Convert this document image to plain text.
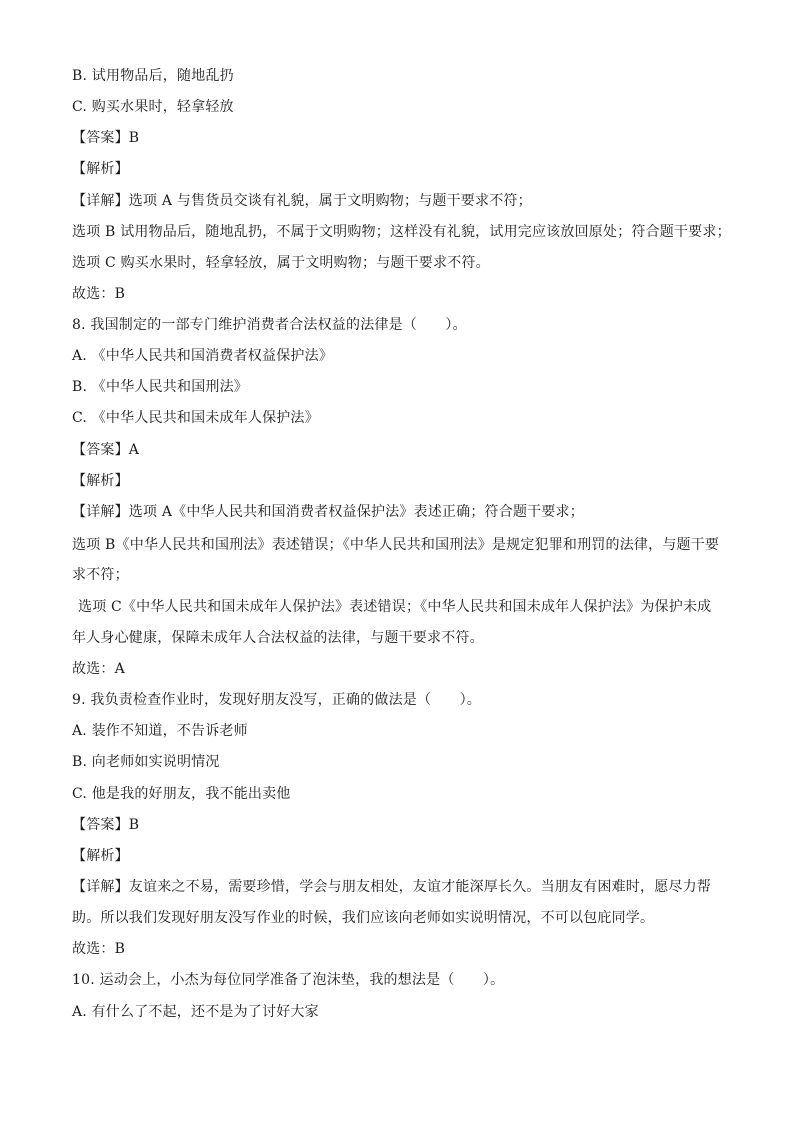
B. 试用物品后，随地乱扔
C. 购买水果时，轻拿轻放
【答案】B
【解析】
【详解】选项 A 与售货员交谈有礼貌，属于文明购物；与题干要求不符；
选项 B 试用物品后，随地乱扔，不属于文明购物；这样没有礼貌，试用完应该放回原处；符合题干要求；
选项 C 购买水果时，轻拿轻放，属于文明购物；与题干要求不符。
故选：B
8. 我国制定的一部专门维护消费者合法权益的法律是（　　）。
A. 《中华人民共和国消费者权益保护法》
B. 《中华人民共和国刑法》
C. 《中华人民共和国未成年人保护法》
【答案】A
【解析】
【详解】选项 A《中华人民共和国消费者权益保护法》表述正确；符合题干要求；
选项 B《中华人民共和国刑法》表述错误；《中华人民共和国刑法》是规定犯罪和刑罚的法律，与题干要
求不符；
选项 C《中华人民共和国未成年人保护法》表述错误；《中华人民共和国未成年人保护法》为保护未成
年人身心健康，保障未成年人合法权益的法律，与题干要求不符。
故选：A
9. 我负责检查作业时，发现好朋友没写，正确的做法是（　　）。
A. 装作不知道，不告诉老师
B. 向老师如实说明情况
C. 他是我的好朋友，我不能出卖他
【答案】B
【解析】
【详解】友谊来之不易，需要珍惜，学会与朋友相处，友谊才能深厚长久。当朋友有困难时，愿尽力帮
助。所以我们发现好朋友没写作业的时候，我们应该向老师如实说明情况，不可以包庇同学。
故选：B
10. 运动会上，小杰为每位同学准备了泡沫垫，我的想法是（　　）。
A. 有什么了不起，还不是为了讨好大家
